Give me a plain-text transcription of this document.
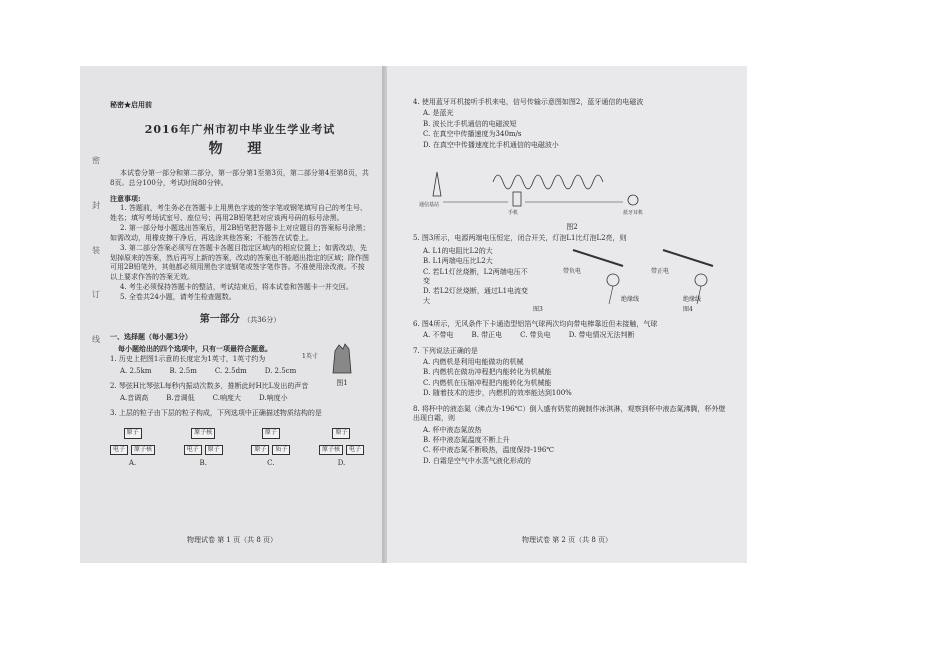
密
封
装
订
线
秘密★启用前
2016年广州市初中毕业生学业考试
物 理
本试卷分第一部分和第二部分，第一部分第1至第3页，第二部分第4至第8页，共8页。总分100分，考试时间80分钟。
注意事项:
1. 答题前，考生务必在答题卡上用黑色字迹的签字笔或钢笔填写自己的考生号、姓名；填写考场试室号、座位号；再用2B铅笔把对应该两号码的标号涂黑。
2. 第一部分每小题选出答案后，用2B铅笔把答题卡上对应题目的答案标号涂黑；如需改动，用橡皮擦干净后，再选涂其他答案；不能答在试卷上。
3. 第二部分答案必须写在答题卡各题目指定区域内的相应位置上；如需改动，先划掉原来的答案，然后再写上新的答案，改动的答案也不能超出指定的区域；除作图可用2B铅笔外，其他都必须用黑色字迹钢笔或签字笔作答。不准使用涂改液。不按以上要求作答的答案无效。
4. 考生必须保持答题卡的整洁，考试结束后，将本试卷和答题卡一并交回。
5. 全卷共24小题，请考生检查题数。
第一部分 （共36分）
一、选择题（每小题3分）
每小题给出的四个选项中，只有一项最符合题意。
1. 历史上把图1示意的长度定为1英寸，1英寸约为
A. 2.5km	B. 2.5m	C. 2.5dm	D. 2.5cm
1英寸
图1
2. 琴弦H比琴弦L每秒内振动次数多，推断此时H比L发出的声音
A.音调高	B.音调低	C.响度大	D.响度小
3. 上层的粒子由下层的粒子构成，下列选项中正确描述物质结构的是
原子
电子	原子核
A.
原子核
电子	原子
B.
原子
原子	质子
C.
原子
原子核	电子
D.
物理试卷 第 1 页（共 8 页）
4. 使用蓝牙耳机接听手机来电，信号传输示意图如图2，蓝牙通信的电磁波
A. 是蓝光
B. 波长比手机通信的电磁波短
C. 在真空中传播速度为340m/s
D. 在真空中传播速度比手机通信的电磁波小
通信基站
手机	蓝牙耳机
图2
5. 图3所示，电源两端电压恒定，闭合开关，灯泡L1比灯泡L2亮，则
A. L1的电阻比L2的大
B. L1两端电压比L2大
C. 若L1灯丝烧断，L2两端电压不变
D. 若L2灯丝烧断，通过L1电流变大
带负电	带正电
绝缘线	绝缘线
图3	图4
6. 图4所示，无风条件下卡通造型铝箔气球两次均向带电棒靠近但未接触，气球
A. 不带电	B. 带正电	C. 带负电	D. 带电情况无法判断
7. 下列说法正确的是
A. 内燃机是利用电能做功的机械
B. 内燃机在做功冲程把内能转化为机械能
C. 内燃机在压缩冲程把内能转化为机械能
D. 随着技术的进步，内燃机的效率能达到100%
8. 将杯中的液态氮（沸点为-196℃）倒入盛有奶浆的碗制作冰淇淋，观察到杯中液态氮沸腾，杯外壁出现白霜，则
A. 杯中液态氮放热
B. 杯中液态氮温度不断上升
C. 杯中液态氮不断吸热，温度保持-196℃
D. 白霜是空气中水蒸气液化形成的
物理试卷 第 2 页（共 8 页）
